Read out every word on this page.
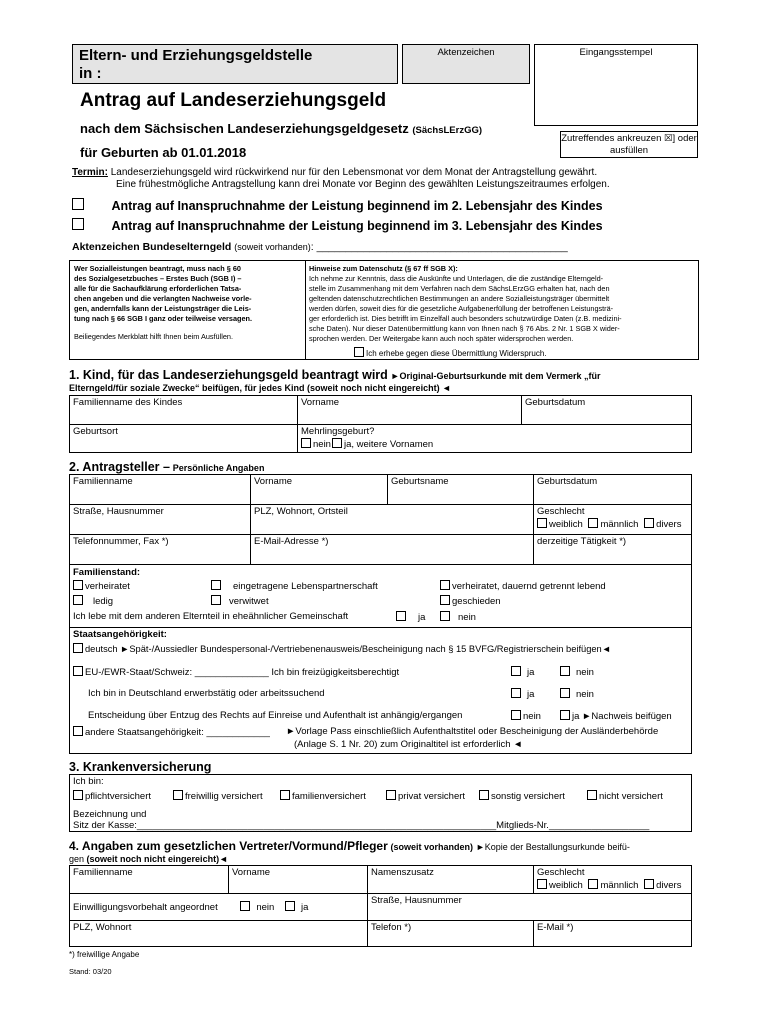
Eltern- und Erziehungsgeldstelle
in :
Aktenzeichen	Eingangsstempel
Antrag auf Landeserziehungsgeld
nach dem Sächsischen Landeserziehungsgeldgesetz (SächsLErzGG)
Zutreffendes ankreuzen ☒] oder ausfüllen
für Geburten ab 01.01.2018
Termin: Landeserziehungsgeld wird rückwirkend nur für den Lebensmonat vor dem Monat der Antragstellung gewährt.
Eine frühestmögliche Antragstellung kann drei Monate vor Beginn des gewählten Leistungszeitraumes erfolgen.
Antrag auf Inanspruchnahme der Leistung beginnend im 2. Lebensjahr des Kindes
Antrag auf Inanspruchnahme der Leistung beginnend im 3. Lebensjahr des Kindes
Aktenzeichen Bundeselterngeld (soweit vorhanden): ___________________________________________
Wer Sozialleistungen beantragt, muss nach § 60
des Sozialgesetzbuches – Erstes Buch (SGB I) –
alle für die Sachaufklärung erforderlichen Tatsa-
chen angeben und die verlangten Nachweise vorle-
gen, andernfalls kann der Leistungsträger die Leis-
tung nach § 66 SGB I ganz oder teilweise versagen.
Beiliegendes Merkblatt hilft Ihnen beim Ausfüllen.
Hinweise zum Datenschutz (§ 67 ff SGB X):
Ich nehme zur Kenntnis, dass die Auskünfte und Unterlagen, die die zuständige Elterngeld-
stelle im Zusammenhang mit dem Verfahren nach dem SächsLErzGG erhalten hat, nach den
geltenden datenschutzrechtlichen Bestimmungen an andere Sozialleistungsträger übermittelt
werden dürfen, soweit dies für die gesetzliche Aufgabenerfüllung der betroffenen Leistungsträ-
ger erforderlich ist. Dies betrifft im Einzelfall auch besonders schutzwürdige Daten (z.B. medizini-
sche Daten). Nur dieser Datenübermittlung kann von Ihnen nach § 76 Abs. 2 Nr. 1 SGB X wider-
sprochen werden. Der Weitergabe kann auch noch später widersprochen werden.
Ich erhebe gegen diese Übermittlung Widerspruch.
1. Kind, für das Landeserziehungsgeld beantragt wird ►Original-Geburtsurkunde mit dem Vermerk „für
Elterngeld/für soziale Zwecke“ beifügen, für jedes Kind (soweit noch nicht eingereicht) ◄
Familienname des Kindes	Vorname	Geburtsdatum
Geburtsort	Mehrlingsgeburt?
nein ja, weitere Vornamen
2. Antragsteller – Persönliche Angaben
Familienname	Vorname	Geburtsname	Geburtsdatum
Straße, Hausnummer	PLZ, Wohnort, Ortsteil	Geschlecht
weiblich männlich divers
Telefonnummer, Fax *)	E-Mail-Adresse *)	derzeitige Tätigkeit *)
Familienstand:
verheiratet	eingetragene Lebenspartnerschaft	verheiratet, dauernd getrennt lebend
ledig	verwitwet	geschieden
Ich lebe mit dem anderen Elternteil in eheähnlicher Gemeinschaft	ja	nein
Staatsangehörigkeit:
deutsch ►Spät-/Aussiedler Bundespersonal-/Vertriebenenausweis/Bescheinigung nach § 15 BVFG/Registrierschein beifügen◄
EU-/EWR-Staat/Schweiz: ______________ Ich bin freizügigkeitsberechtigt	ja	nein
Ich bin in Deutschland erwerbstätig oder arbeitssuchend	ja	nein
Entscheidung über Entzug des Rechts auf Einreise und Aufenthalt ist anhängig/ergangen	nein	ja ►Nachweis beifügen
andere Staatsangehörigkeit: ____________ ►Vorlage Pass einschließlich Aufenthaltstitel oder Bescheinigung der Ausländerbehörde
(Anlage S. 1 Nr. 20) zum Originaltitel ist erforderlich ◄
3. Krankenversicherung
Ich bin:
pflichtversichert	freiwillig versichert	familienversichert	privat versichert	sonstig versichert	nicht versichert
Bezeichnung und
Sitz der Kasse:____________________________________________________________________Mitglieds-Nr.___________________
4. Angaben zum gesetzlichen Vertreter/Vormund/Pfleger (soweit vorhanden) ►Kopie der Bestallungsurkunde beifü-
gen (soweit noch nicht eingereicht)◄
Familienname	Vorname	Namenszusatz	Geschlecht
weiblich männlich divers
Einwilligungsvorbehalt angeordnet	nein	ja
Straße, Hausnummer
PLZ, Wohnort	Telefon *)	E-Mail *)
*) freiwillige Angabe
Stand: 03/20
